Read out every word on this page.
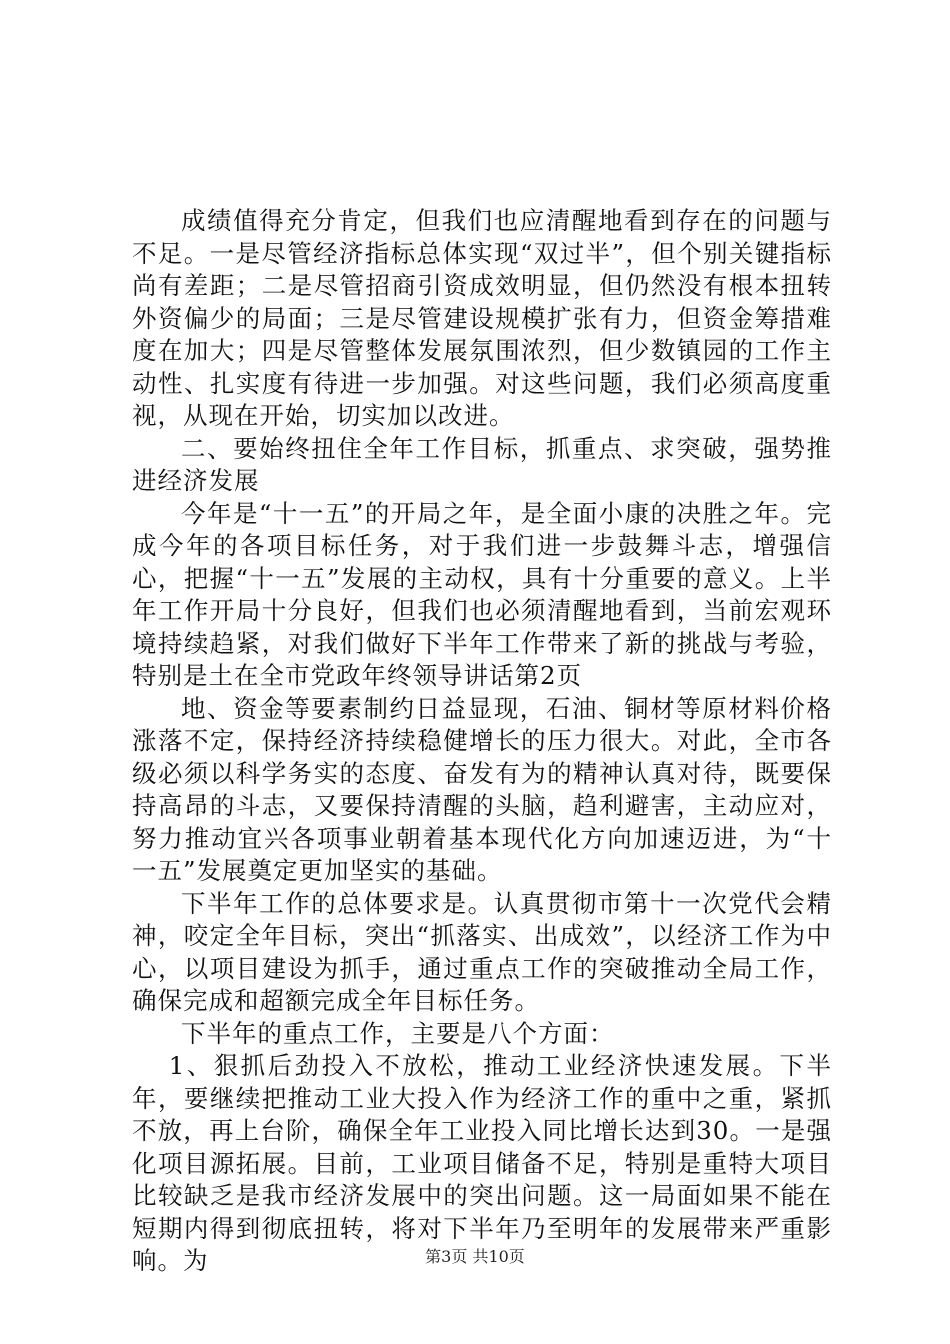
成绩值得充分肯定，但我们也应清醒地看到存在的问题与不足。一是尽管经济指标总体实现“双过半”，但个别关键指标尚有差距；二是尽管招商引资成效明显，但仍然没有根本扭转外资偏少的局面；三是尽管建设规模扩张有力，但资金筹措难度在加大；四是尽管整体发展氛围浓烈，但少数镇园的工作主动性、扎实度有待进一步加强。对这些问题，我们必须高度重视，从现在开始，切实加以改进。

二、要始终扭住全年工作目标，抓重点、求突破，强势推进经济发展

今年是“十一五”的开局之年，是全面小康的决胜之年。完成今年的各项目标任务，对于我们进一步鼓舞斗志，增强信心，把握“十一五”发展的主动权，具有十分重要的意义。上半年工作开局十分良好，但我们也必须清醒地看到，当前宏观环境持续趋紧，对我们做好下半年工作带来了新的挑战与考验，特别是土在全市党政年终领导讲话第2页

地、资金等要素制约日益显现，石油、铜材等原材料价格涨落不定，保持经济持续稳健增长的压力很大。对此，全市各级必须以科学务实的态度、奋发有为的精神认真对待，既要保持高昂的斗志，又要保持清醒的头脑，趋利避害，主动应对，努力推动宜兴各项事业朝着基本现代化方向加速迈进，为“十一五”发展奠定更加坚实的基础。

下半年工作的总体要求是。认真贯彻市第十一次党代会精神，咬定全年目标，突出“抓落实、出成效”，以经济工作为中心，以项目建设为抓手，通过重点工作的突破推动全局工作，确保完成和超额完成全年目标任务。

下半年的重点工作，主要是八个方面：

1、狠抓后劲投入不放松，推动工业经济快速发展。下半年，要继续把推动工业大投入作为经济工作的重中之重，紧抓不放，再上台阶，确保全年工业投入同比增长达到30。一是强化项目源拓展。目前，工业项目储备不足，特别是重特大项目比较缺乏是我市经济发展中的突出问题。这一局面如果不能在短期内得到彻底扭转，将对下半年乃至明年的发展带来严重影响。为	第3页 共10页
